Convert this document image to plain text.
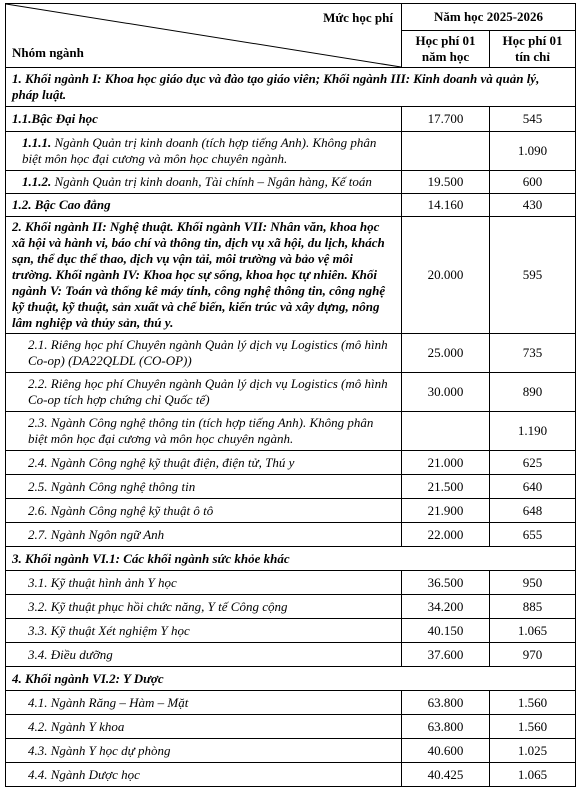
Mức học phí
Nhóm ngành	Năm học 2025-2026	
	Học phí 01 năm học	Học phí 01 tín chỉ
1. Khối ngành I: Khoa học giáo dục và đào tạo giáo viên; Khối ngành III: Kinh doanh và quản lý, pháp luật.		
1.1.Bậc Đại học	17.700	545
1.1.1. Ngành Quản trị kinh doanh (tích hợp tiếng Anh). Không phân biệt môn học đại cương và môn học chuyên ngành.		1.090
1.1.2. Ngành Quản trị kinh doanh, Tài chính – Ngân hàng, Kế toán	19.500	600
1.2. Bậc Cao đẳng	14.160	430
2. Khối ngành II: Nghệ thuật. Khối ngành VII: Nhân văn, khoa học xã hội và hành vi, báo chí và thông tin, dịch vụ xã hội, du lịch, khách sạn, thể dục thể thao, dịch vụ vận tải, môi trường và bảo vệ môi trường. Khối ngành IV: Khoa học sự sống, khoa học tự nhiên. Khối ngành V: Toán và thống kê máy tính, công nghệ thông tin, công nghệ kỹ thuật, kỹ thuật, sản xuất và chế biến, kiến trúc và xây dựng, nông lâm nghiệp và thủy sản, thú y.	20.000	595
2.1. Riêng học phí Chuyên ngành Quản lý dịch vụ Logistics (mô hình Co-op) (DA22QLDL (CO-OP))	25.000	735
2.2. Riêng học phí Chuyên ngành Quản lý dịch vụ Logistics (mô hình Co-op tích hợp chứng chỉ Quốc tế)	30.000	890
2.3. Ngành Công nghệ thông tin (tích hợp tiếng Anh). Không phân biệt môn học đại cương và môn học chuyên ngành.		1.190
2.4. Ngành Công nghệ kỹ thuật điện, điện tử, Thú y	21.000	625
2.5. Ngành Công nghệ thông tin	21.500	640
2.6. Ngành Công nghệ kỹ thuật ô tô	21.900	648
2.7. Ngành Ngôn ngữ Anh	22.000	655
3. Khối ngành VI.1: Các khối ngành sức khỏe khác		
3.1. Kỹ thuật hình ảnh Y học	36.500	950
3.2. Kỹ thuật phục hồi chức năng, Y tế Công cộng	34.200	885
3.3. Kỹ thuật Xét nghiệm Y học	40.150	1.065
3.4. Điều dưỡng	37.600	970
4. Khối ngành VI.2: Y Dược		
4.1. Ngành Răng – Hàm – Mặt	63.800	1.560
4.2. Ngành Y khoa	63.800	1.560
4.3. Ngành Y học dự phòng	40.600	1.025
4.4. Ngành Dược học	40.425	1.065
